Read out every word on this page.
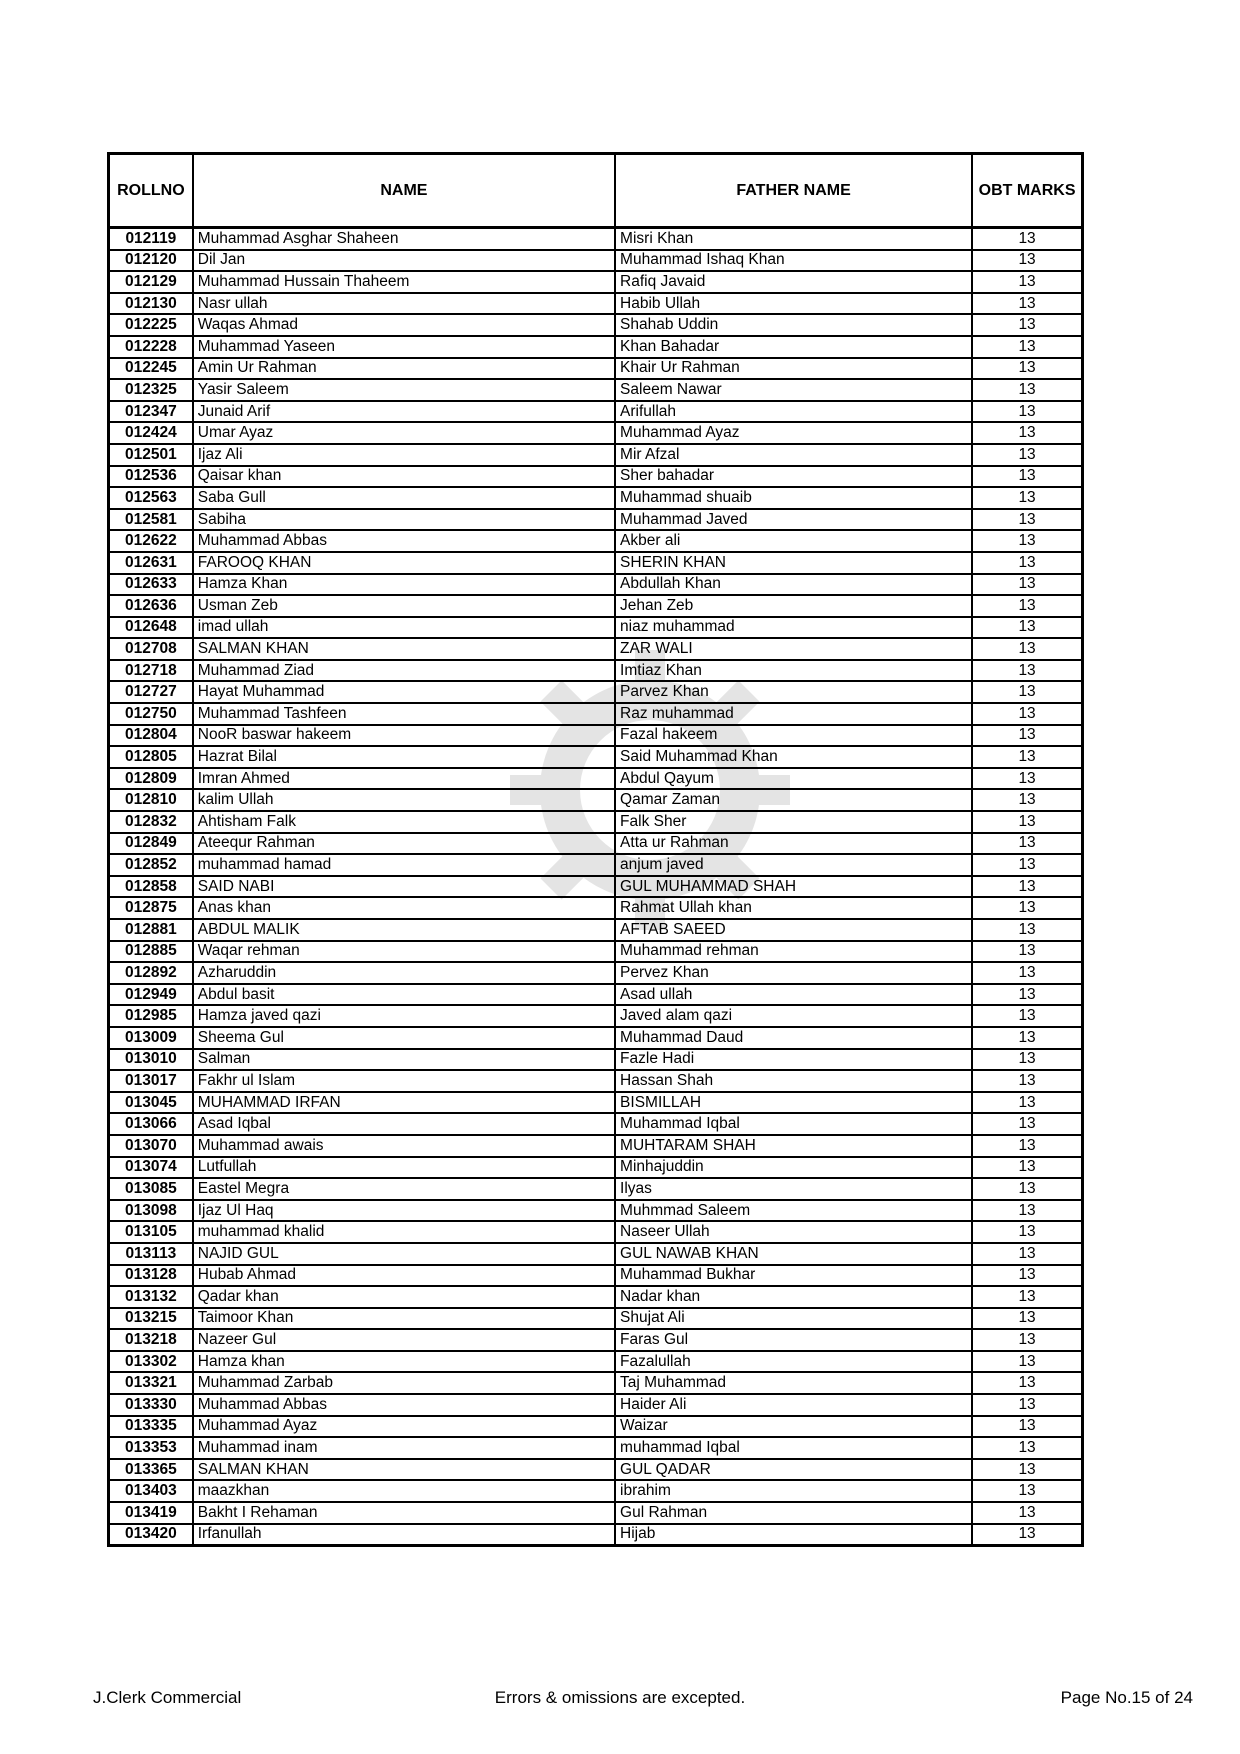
ROLLNO	NAME	FATHER NAME	OBT MARKS
012119	Muhammad Asghar Shaheen	Misri Khan	13
012120	Dil Jan	Muhammad Ishaq Khan	13
012129	Muhammad Hussain Thaheem	Rafiq Javaid	13
012130	Nasr ullah	Habib Ullah	13
012225	Waqas Ahmad	Shahab Uddin	13
012228	Muhammad Yaseen	Khan Bahadar	13
012245	Amin Ur Rahman	Khair Ur Rahman	13
012325	Yasir Saleem	Saleem Nawar	13
012347	Junaid Arif	Arifullah	13
012424	Umar Ayaz	Muhammad Ayaz	13
012501	Ijaz Ali	Mir Afzal	13
012536	Qaisar khan	Sher bahadar	13
012563	Saba Gull	Muhammad shuaib	13
012581	Sabiha	Muhammad Javed	13
012622	Muhammad Abbas	Akber ali	13
012631	FAROOQ KHAN	SHERIN KHAN	13
012633	Hamza Khan	Abdullah Khan	13
012636	Usman Zeb	Jehan Zeb	13
012648	imad ullah	niaz muhammad	13
012708	SALMAN KHAN	ZAR WALI	13
012718	Muhammad Ziad	Imtiaz Khan	13
012727	Hayat Muhammad	Parvez Khan	13
012750	Muhammad Tashfeen	Raz muhammad	13
012804	NooR baswar hakeem	Fazal hakeem	13
012805	Hazrat Bilal	Said Muhammad Khan	13
012809	Imran Ahmed	Abdul Qayum	13
012810	kalim Ullah	Qamar Zaman	13
012832	Ahtisham Falk	Falk Sher	13
012849	Ateequr Rahman	Atta ur Rahman	13
012852	muhammad hamad	anjum javed	13
012858	SAID NABI	GUL MUHAMMAD SHAH	13
012875	Anas khan	Rahmat Ullah khan	13
012881	ABDUL MALIK	AFTAB SAEED	13
012885	Waqar rehman	Muhammad rehman	13
012892	Azharuddin	Pervez Khan	13
012949	Abdul basit	Asad ullah	13
012985	Hamza javed qazi	Javed alam qazi	13
013009	Sheema Gul	Muhammad Daud	13
013010	Salman	Fazle Hadi	13
013017	Fakhr ul Islam	Hassan Shah	13
013045	MUHAMMAD IRFAN	BISMILLAH	13
013066	Asad Iqbal	Muhammad Iqbal	13
013070	Muhammad awais	MUHTARAM SHAH	13
013074	Lutfullah	Minhajuddin	13
013085	Eastel Megra	Ilyas	13
013098	Ijaz Ul Haq	Muhmmad Saleem	13
013105	muhammad khalid	Naseer Ullah	13
013113	NAJID GUL	GUL NAWAB KHAN	13
013128	Hubab Ahmad	Muhammad Bukhar	13
013132	Qadar khan	Nadar khan	13
013215	Taimoor Khan	Shujat Ali	13
013218	Nazeer Gul	Faras Gul	13
013302	Hamza khan	Fazalullah	13
013321	Muhammad Zarbab	Taj Muhammad	13
013330	Muhammad Abbas	Haider Ali	13
013335	Muhammad Ayaz	Waizar	13
013353	Muhammad inam	muhammad Iqbal	13
013365	SALMAN KHAN	GUL QADAR	13
013403	maazkhan	ibrahim	13
013419	Bakht I Rehaman	Gul Rahman	13
013420	Irfanullah	Hijab	13
J.Clerk Commercial	Errors & omissions are excepted.	Page No.15 of 24
